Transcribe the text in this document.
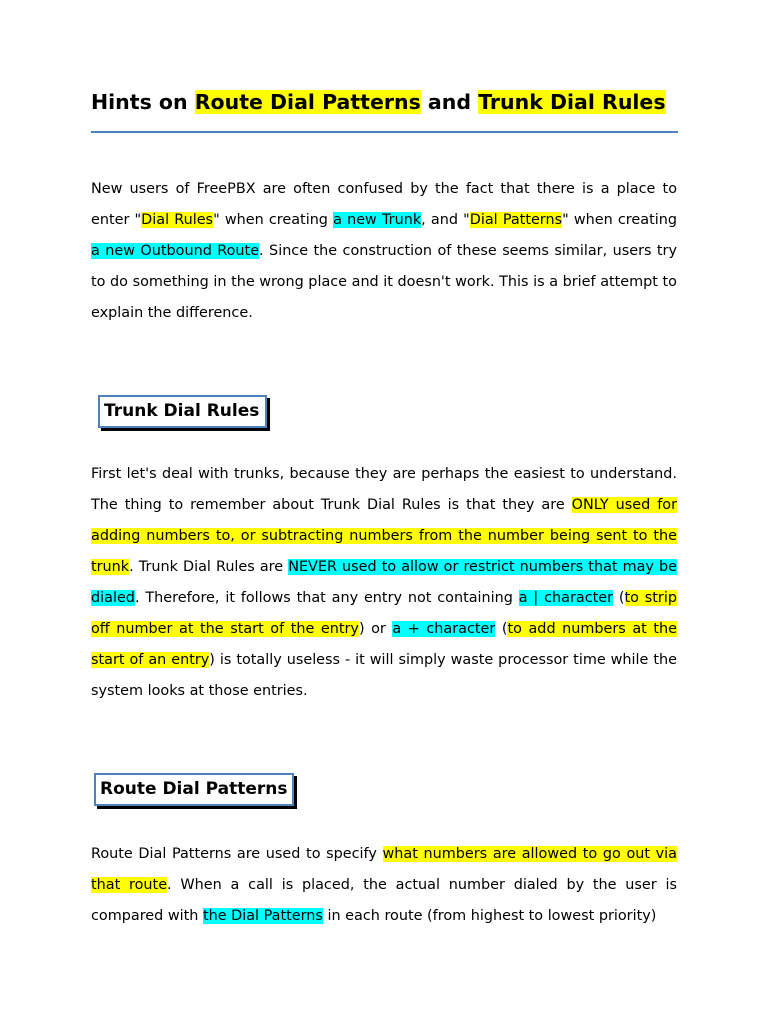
Hints on Route Dial Patterns and Trunk Dial Rules

New users of FreePBX are often confused by the fact that there is a place to enter "Dial Rules" when creating a new Trunk, and "Dial Patterns" when creating a new Outbound Route. Since the construction of these seems similar, users try to do something in the wrong place and it doesn't work. This is a brief attempt to explain the difference.

Trunk Dial Rules

First let's deal with trunks, because they are perhaps the easiest to understand. The thing to remember about Trunk Dial Rules is that they are ONLY used for adding numbers to, or subtracting numbers from the number being sent to the trunk. Trunk Dial Rules are NEVER used to allow or restrict numbers that may be dialed. Therefore, it follows that any entry not containing a | character (to strip off number at the start of the entry) or a + character (to add numbers at the start of an entry) is totally useless - it will simply waste processor time while the system looks at those entries.

Route Dial Patterns

Route Dial Patterns are used to specify what numbers are allowed to go out via that route. When a call is placed, the actual number dialed by the user is compared with the Dial Patterns in each route (from highest to lowest priority)
